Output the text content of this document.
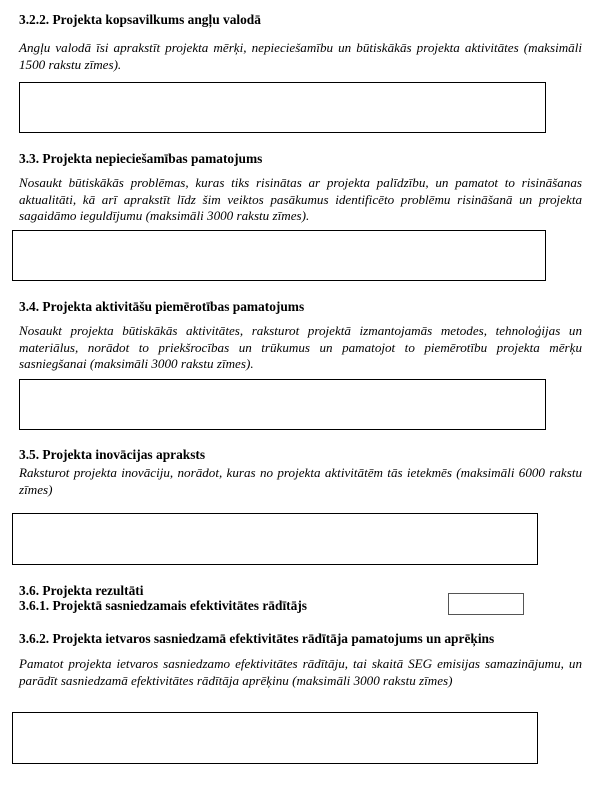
3.2.2. Projekta kopsavilkums angļu valodā
Angļu valodā īsi aprakstīt projekta mērķi, nepieciešamību un būtiskākās projekta aktivitātes (maksimāli 1500 rakstu zīmes).
3.3. Projekta nepieciešamības pamatojums
Nosaukt būtiskākās problēmas, kuras tiks risinātas ar projekta palīdzību, un pamatot to risināšanas aktualitāti, kā arī aprakstīt līdz šim veiktos pasākumus identificēto problēmu risināšanā un projekta sagaidāmo ieguldījumu (maksimāli 3000 rakstu zīmes).
3.4. Projekta aktivitāšu piemērotības pamatojums
Nosaukt projekta būtiskākās aktivitātes, raksturot projektā izmantojamās metodes, tehnoloģijas un materiālus, norādot to priekšrocības un trūkumus un pamatojot to piemērotību projekta mērķu sasniegšanai (maksimāli 3000 rakstu zīmes).
3.5. Projekta inovācijas apraksts
Raksturot projekta inovāciju, norādot, kuras no projekta aktivitātēm tās ietekmēs (maksimāli 6000 rakstu zīmes)
3.6. Projekta rezultāti
3.6.1. Projektā sasniedzamais efektivitātes rādītājs
3.6.2. Projekta ietvaros sasniedzamā efektivitātes rādītāja pamatojums un aprēķins
Pamatot projekta ietvaros sasniedzamo efektivitātes rādītāju, tai skaitā SEG emisijas samazinājumu, un parādīt sasniedzamā efektivitātes rādītāja aprēķinu (maksimāli 3000 rakstu zīmes)
